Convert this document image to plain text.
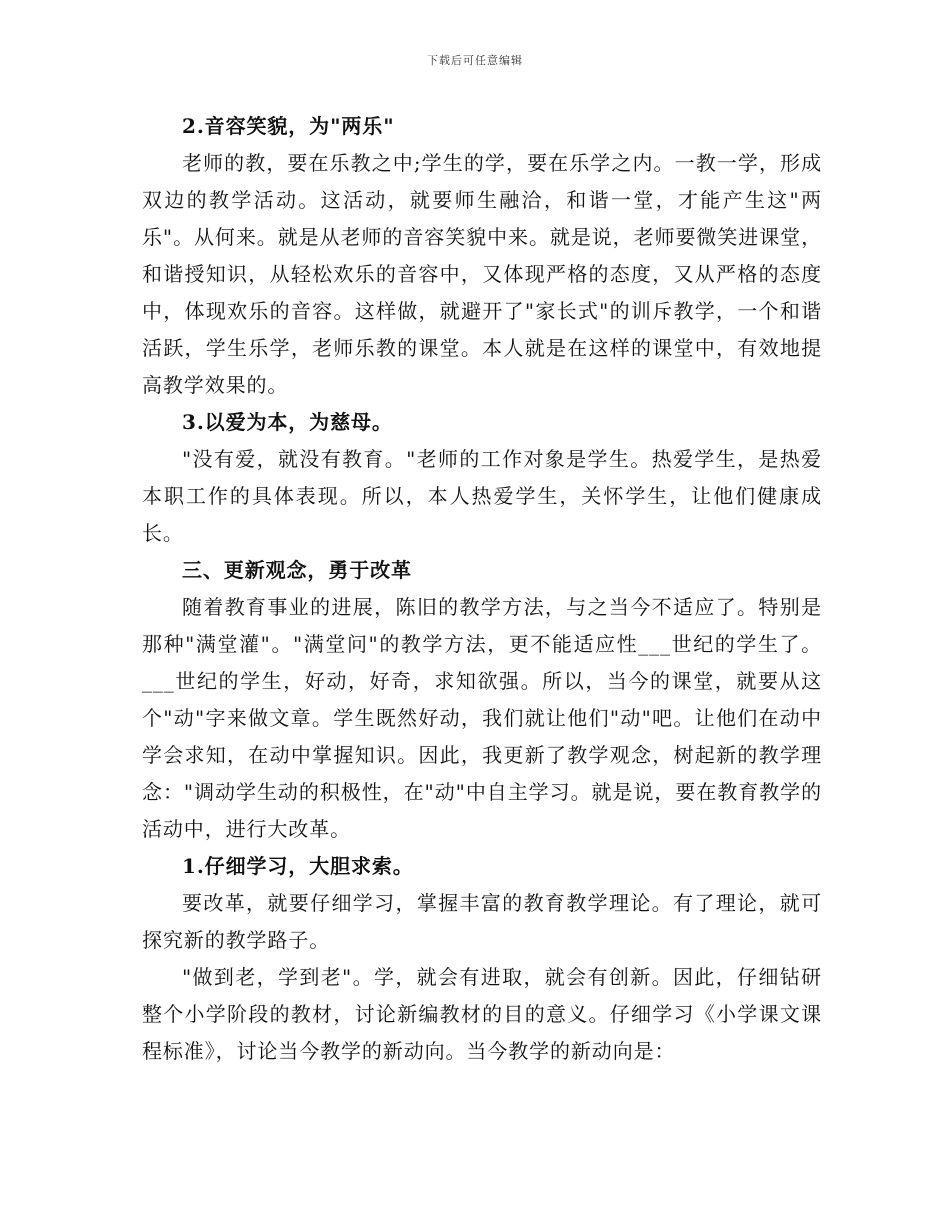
下载后可任意编辑
2.音容笑貌，为"两乐"

老师的教，要在乐教之中;学生的学，要在乐学之内。一教一学，形成双边的教学活动。这活动，就要师生融洽，和谐一堂，才能产生这"两乐"。从何来。就是从老师的音容笑貌中来。就是说，老师要微笑进课堂，和谐授知识，从轻松欢乐的音容中，又体现严格的态度，又从严格的态度中，体现欢乐的音容。这样做，就避开了"家长式"的训斥教学，一个和谐活跃，学生乐学，老师乐教的课堂。本人就是在这样的课堂中，有效地提高教学效果的。

3.以爱为本，为慈母。

"没有爱，就没有教育。"老师的工作对象是学生。热爱学生，是热爱本职工作的具体表现。所以，本人热爱学生，关怀学生，让他们健康成长。

三、更新观念，勇于改革

随着教育事业的进展，陈旧的教学方法，与之当今不适应了。特别是那种"满堂灌"。"满堂问"的教学方法，更不能适应性___世纪的学生了。___世纪的学生，好动，好奇，求知欲强。所以，当今的课堂，就要从这个"动"字来做文章。学生既然好动，我们就让他们"动"吧。让他们在动中学会求知，在动中掌握知识。因此，我更新了教学观念，树起新的教学理念："调动学生动的积极性，在"动"中自主学习。就是说，要在教育教学的活动中，进行大改革。

1.仔细学习，大胆求索。

要改革，就要仔细学习，掌握丰富的教育教学理论。有了理论，就可探究新的教学路子。

"做到老，学到老"。学，就会有进取，就会有创新。因此，仔细钻研整个小学阶段的教材，讨论新编教材的目的意义。仔细学习《小学课文课程标准》，讨论当今教学的新动向。当今教学的新动向是：
